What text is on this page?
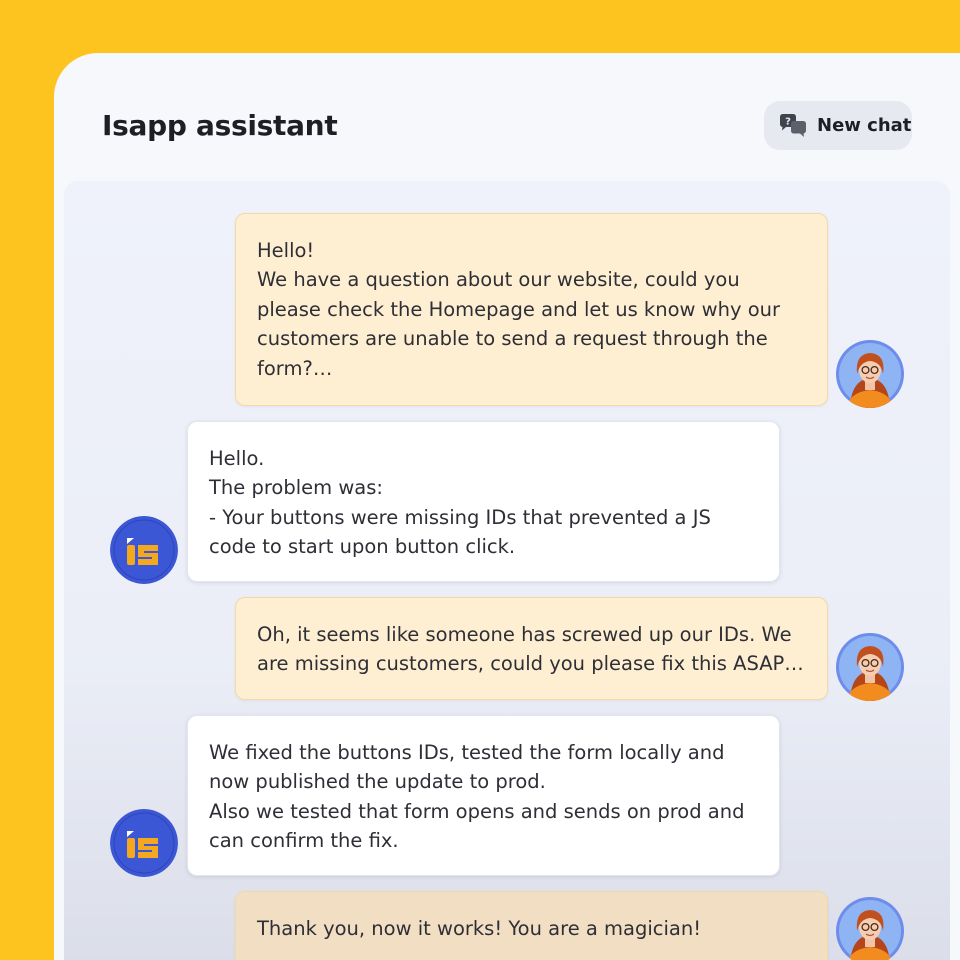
Isapp assistant	? New chat
Hello!
We have a question about our website, could you please check the Homepage and let us know why our customers are unable to send a request through the form?…
Hello.
The problem was:
- Your buttons were missing IDs that prevented a JS code to start upon button click.
Oh, it seems like someone has screwed up our IDs. We are missing customers, could you please fix this ASAP…
We fixed the buttons IDs, tested the form locally and now published the update to prod.
Also we tested that form opens and sends on prod and can confirm the fix.
Thank you, now it works! You are a magician!
